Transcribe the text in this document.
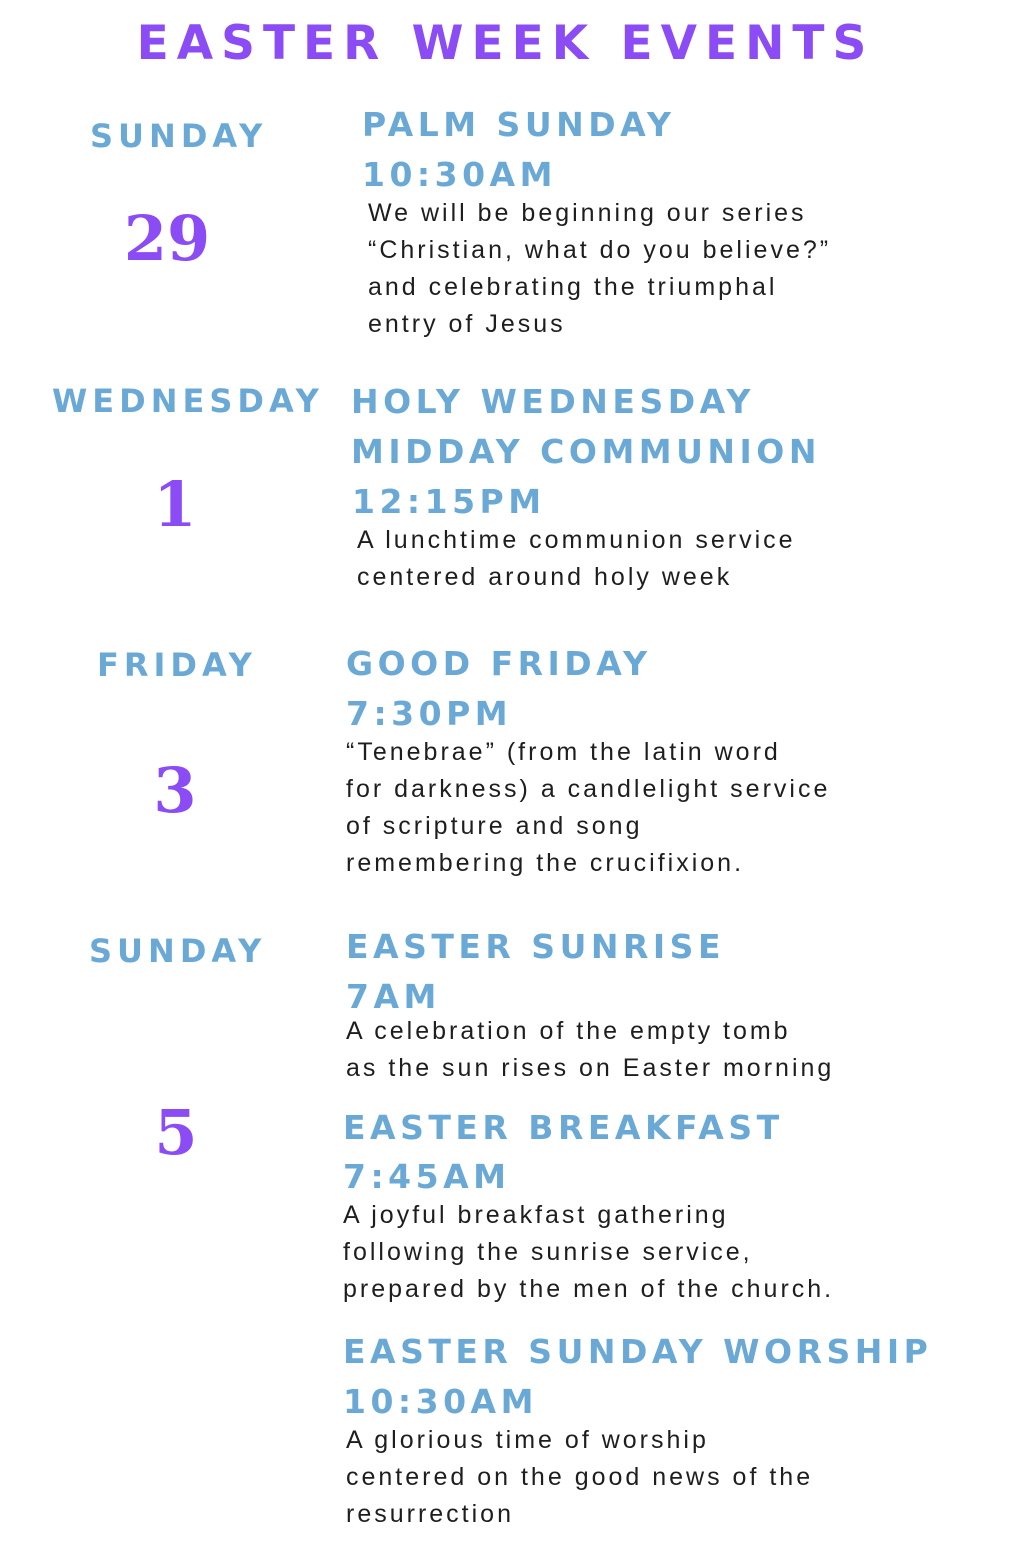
EASTER WEEK EVENTS
SUNDAY
29
PALM SUNDAY
10:30AM
We will be beginning our series
“Christian, what do you believe?”
and celebrating the triumphal
entry of Jesus
WEDNESDAY
1
HOLY WEDNESDAY
MIDDAY COMMUNION
12:15PM
A lunchtime communion service
centered around holy week
FRIDAY
3
GOOD FRIDAY
7:30PM
“Tenebrae” (from the latin word
for darkness) a candlelight service
of scripture and song
remembering the crucifixion.
SUNDAY
5
EASTER SUNRISE
7AM
A celebration of the empty tomb
as the sun rises on Easter morning
EASTER BREAKFAST
7:45AM
A joyful breakfast gathering
following the sunrise service,
prepared by the men of the church.
EASTER SUNDAY WORSHIP
10:30AM
A glorious time of worship
centered on the good news of the
resurrection
